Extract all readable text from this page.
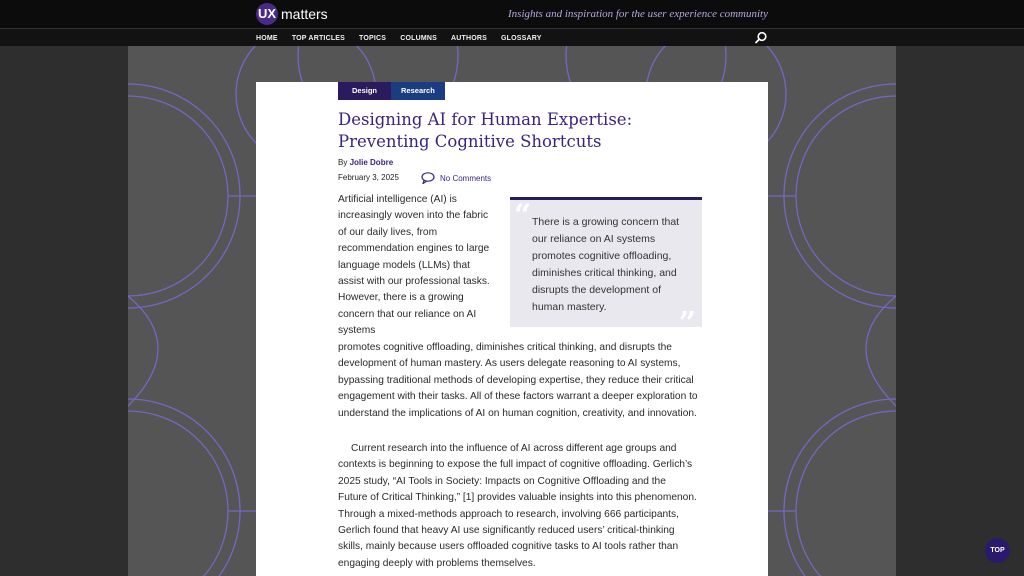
UX matters	Insights and inspiration for the user experience community
HOME TOP ARTICLES TOPICS COLUMNS AUTHORS GLOSSARY
Design	Research
Designing AI for Human Expertise: Preventing Cognitive Shortcuts
By Jolie Dobre
February 3, 2025	No Comments

Artificial intelligence (AI) is increasingly woven into the fabric of our daily lives, from recommendation engines to large language models (LLMs) that assist with our professional tasks. However, there is a growing concern that our reliance on AI systems

“ There is a growing concern that our reliance on AI systems promotes cognitive offloading, diminishes critical thinking, and disrupts the development of human mastery.	”

promotes cognitive offloading, diminishes critical thinking, and disrupts the development of human mastery. As users delegate reasoning to AI systems, bypassing traditional methods of developing expertise, they reduce their critical engagement with their tasks. All of these factors warrant a deeper exploration to understand the implications of AI on human cognition, creativity, and innovation.

Current research into the influence of AI across different age groups and contexts is beginning to expose the full impact of cognitive offloading. Gerlich’s 2025 study, “AI Tools in Society: Impacts on Cognitive Offloading and the Future of Critical Thinking,” [1] provides valuable insights into this phenomenon. Through a mixed-methods approach to research, involving 666 participants, Gerlich found that heavy AI use significantly reduced users’ critical-thinking skills, mainly because users offloaded cognitive tasks to AI tools rather than engaging deeply with problems themselves.

TOP
